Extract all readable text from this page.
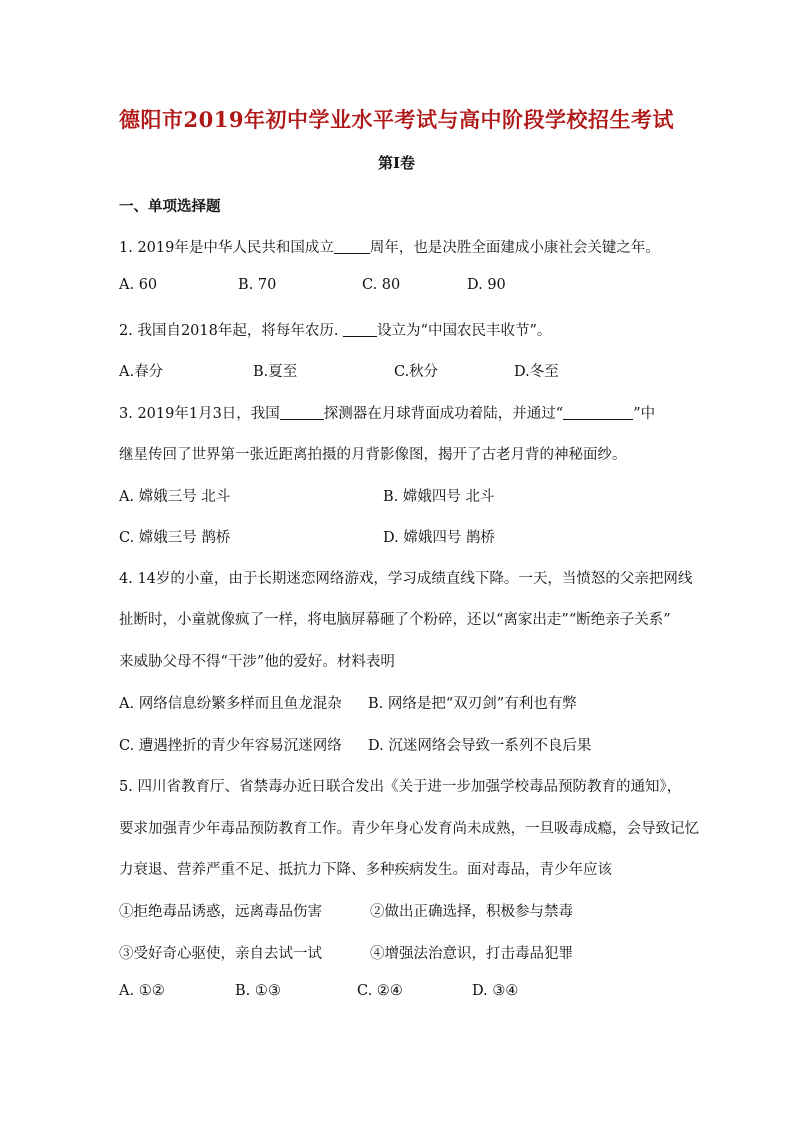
德阳市2019年初中学业水平考试与高中阶段学校招生考试
第Ⅰ卷
一、单项选择题
1. 2019年是中华人民共和国成立 周年，也是决胜全面建成小康社会关键之年。
A. 60	B. 70	C. 80	D. 90
2. 我国自2018年起，将每年农历. 设立为“中国农民丰收节”。
A.春分	B.夏至	C.秋分	D.冬至
3. 2019年1月3日，我国	探测器在月球背面成功着陆，并通过“	”中
继星传回了世界第一张近距离拍摄的月背影像图，揭开了古老月背的神秘面纱。
A. 嫦娥三号 北斗	B. 嫦娥四号 北斗
C. 嫦娥三号 鹊桥	D. 嫦娥四号 鹊桥
4. 14岁的小童，由于长期迷恋网络游戏，学习成绩直线下降。一天，当愤怒的父亲把网线
扯断时，小童就像疯了一样，将电脑屏幕砸了个粉碎，还以“离家出走”“断绝亲子关系”
来威胁父母不得“干涉”他的爱好。材料表明
A. 网络信息纷繁多样而且鱼龙混杂 B. 网络是把“双刃剑”有利也有弊
C. 遭遇挫折的青少年容易沉迷网络 D. 沉迷网络会导致一系列不良后果
5. 四川省教育厅、省禁毒办近日联合发出《关于进一步加强学校毒品预防教育的通知》，
要求加强青少年毒品预防教育工作。青少年身心发育尚未成熟，一旦吸毒成瘾，会导致记忆
力衰退、营养严重不足、抵抗力下降、多种疾病发生。面对毒品，青少年应该
①拒绝毒品诱惑，远离毒品伤害	②做出正确选择，积极参与禁毒
③受好奇心驱使，亲自去试一试	④增强法治意识，打击毒品犯罪
A. ①②	B. ①③	C. ②④	D. ③④
